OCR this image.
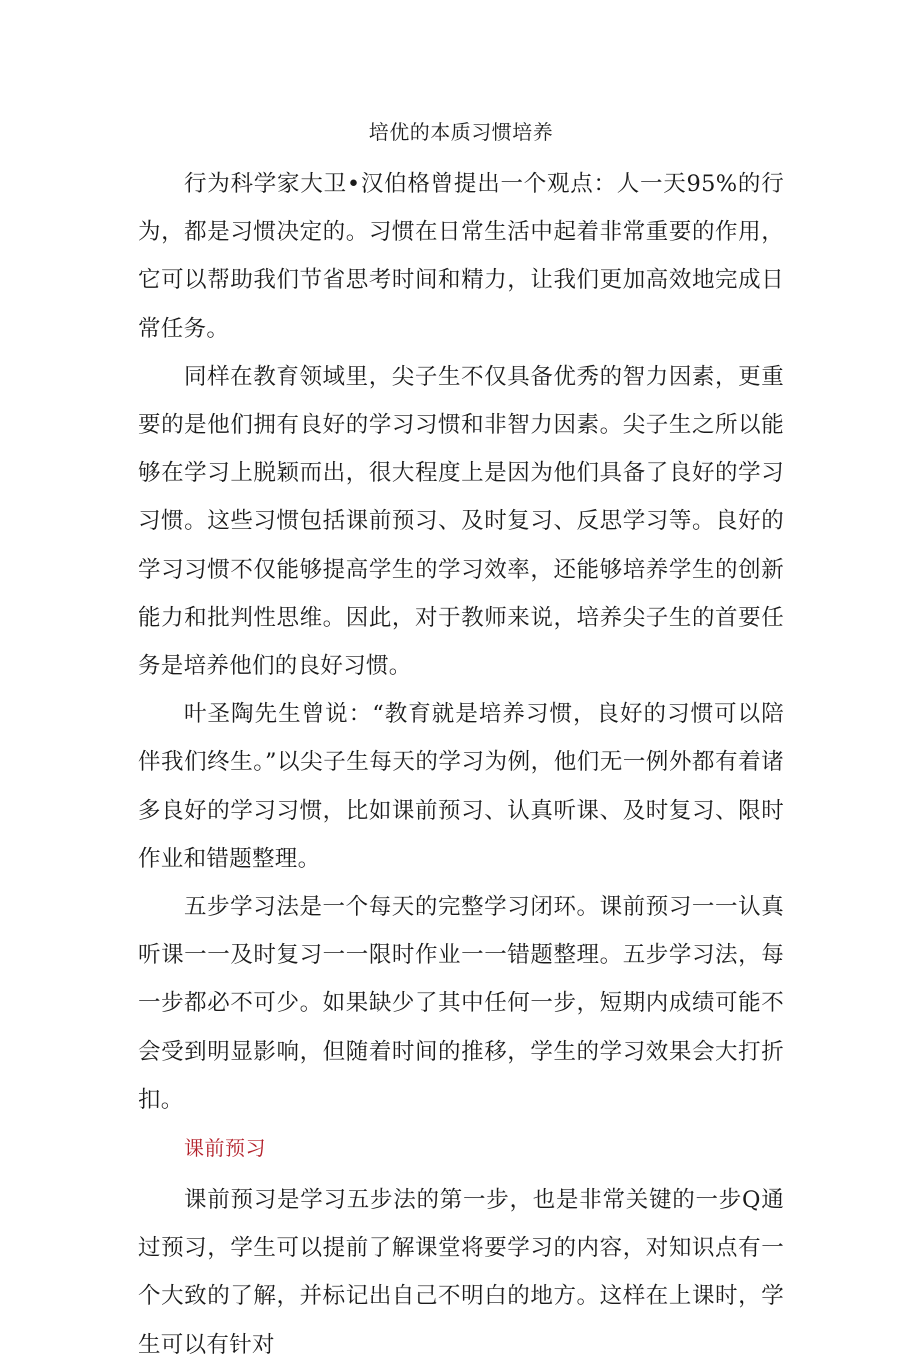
培优的本质习惯培养

行为科学家大卫•汉伯格曾提出一个观点：人一天95%的行为，都是习惯决定的。习惯在日常生活中起着非常重要的作用，它可以帮助我们节省思考时间和精力，让我们更加高效地完成日常任务。

同样在教育领域里，尖子生不仅具备优秀的智力因素，更重要的是他们拥有良好的学习习惯和非智力因素。尖子生之所以能够在学习上脱颖而出，很大程度上是因为他们具备了良好的学习习惯。这些习惯包括课前预习、及时复习、反思学习等。良好的学习习惯不仅能够提高学生的学习效率，还能够培养学生的创新能力和批判性思维。因此，对于教师来说，培养尖子生的首要任务是培养他们的良好习惯。

叶圣陶先生曾说：“教育就是培养习惯，良好的习惯可以陪伴我们终生。”以尖子生每天的学习为例，他们无一例外都有着诸多良好的学习习惯，比如课前预习、认真听课、及时复习、限时作业和错题整理。

五步学习法是一个每天的完整学习闭环。课前预习一一认真听课一一及时复习一一限时作业一一错题整理。五步学习法，每一步都必不可少。如果缺少了其中任何一步，短期内成绩可能不会受到明显影响，但随着时间的推移，学生的学习效果会大打折扣。

课前预习

课前预习是学习五步法的第一步，也是非常关键的一步Q通过预习，学生可以提前了解课堂将要学习的内容，对知识点有一个大致的了解，并标记出自己不明白的地方。这样在上课时，学生可以有针对
